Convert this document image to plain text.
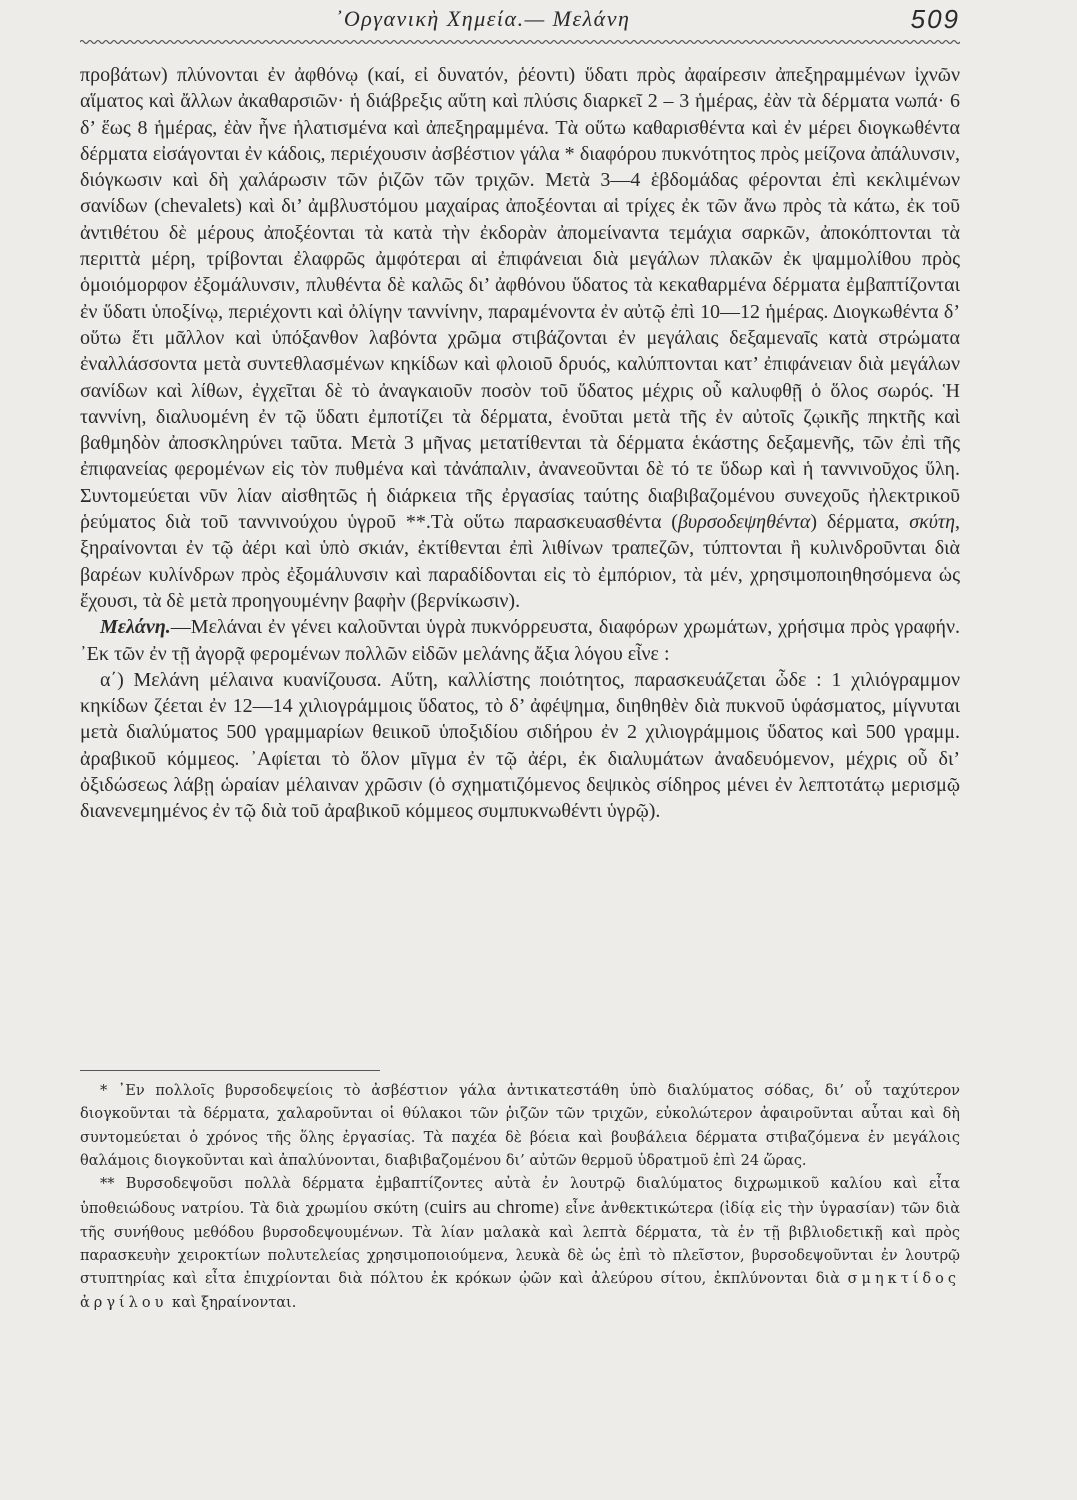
᾿Οργανικὴ Χημεία.— Μελάνη	509

προβάτων) πλύνονται ἐν ἀφθόνῳ (καί, εἰ δυνατόν, ῥέοντι) ὕδατι πρὸς ἀφαίρεσιν ἀπεξηραμμένων ἰχνῶν αἵματος καὶ ἄλλων ἀκαθαρσιῶν· ἡ διάβρεξις αὕτη καὶ πλύσις διαρκεῖ 2 – 3 ἡμέρας, ἐὰν τὰ δέρματα νωπά· 6 δ’ ἕως 8 ἡμέρας, ἐὰν ἦνε ἡλατισμένα καὶ ἀπεξηραμμένα. Τὰ οὕτω καθαρισθέντα καὶ ἐν μέρει διογκωθέντα δέρματα εἰσάγονται ἐν κάδοις, περιέχουσιν ἀσβέστιον γάλα * διαφόρου πυκνότητος πρὸς μείζονα ἀπάλυνσιν, διόγκωσιν καὶ δὴ χαλάρωσιν τῶν ῥιζῶν τῶν τριχῶν. Μετὰ 3—4 ἑβδομάδας φέρονται ἐπὶ κεκλιμένων σανίδων (chevalets) καὶ δι’ ἀμβλυστόμου μαχαίρας ἀποξέονται αἱ τρίχες ἐκ τῶν ἄνω πρὸς τὰ κάτω, ἐκ τοῦ ἀντιθέτου δὲ μέρους ἀποξέονται τὰ κατὰ τὴν ἐκδορὰν ἀπομείναντα τεμάχια σαρκῶν, ἀποκόπτονται τὰ περιττὰ μέρη, τρίβονται ἐλαφρῶς ἀμφότεραι αἱ ἐπιφάνειαι διὰ μεγάλων πλακῶν ἐκ ψαμμολίθου πρὸς ὁμοιόμορφον ἐξομάλυνσιν, πλυθέντα δὲ καλῶς δι’ ἀφθόνου ὕδατος τὰ κεκαθαρμένα δέρματα ἐμβαπτίζονται ἐν ὕδατι ὑποξίνῳ, περιέχοντι καὶ ὀλίγην ταννίνην, παραμένοντα ἐν αὐτῷ ἐπὶ 10—12 ἡμέρας. Διογκωθέντα δ’ οὕτω ἔτι μᾶλλον καὶ ὑπόξανθον λαβόντα χρῶμα στιβάζονται ἐν μεγάλαις δεξαμεναῖς κατὰ στρώματα ἐναλλάσσοντα μετὰ συντεθλασμένων κηκίδων καὶ φλοιοῦ δρυός, καλύπτονται κατ’ ἐπιφάνειαν διὰ μεγάλων σανίδων καὶ λίθων, ἐγχεῖται δὲ τὸ ἀναγκαιοῦν ποσὸν τοῦ ὕδατος μέχρις οὗ καλυφθῇ ὁ ὅλος σωρός. Ἡ ταννίνη, διαλυομένη ἐν τῷ ὕδατι ἐμποτίζει τὰ δέρματα, ἑνοῦται μετὰ τῆς ἐν αὐτοῖς ζῳικῆς πηκτῆς καὶ βαθμηδὸν ἀποσκληρύνει ταῦτα. Μετὰ 3 μῆνας μετατίθενται τὰ δέρματα ἑκάστης δεξαμενῆς, τῶν ἐπὶ τῆς ἐπιφανείας φερομένων εἰς τὸν πυθμένα καὶ τἀνάπαλιν, ἀνανεοῦνται δὲ τό τε ὕδωρ καὶ ἡ ταννινοῦχος ὕλη. Συντομεύεται νῦν λίαν αἰσθητῶς ἡ διάρκεια τῆς ἐργασίας ταύτης διαβιβαζομένου συνεχοῦς ἠλεκτρικοῦ ῥεύματος διὰ τοῦ ταννινούχου ὑγροῦ **.Τὰ οὕτω παρασκευασθέντα (βυρσοδεψηθέντα) δέρματα, σκύτη, ξηραίνονται ἐν τῷ ἀέρι καὶ ὑπὸ σκιάν, ἐκτίθενται ἐπὶ λιθίνων τραπεζῶν, τύπτονται ἢ κυλινδροῦνται διὰ βαρέων κυλίνδρων πρὸς ἐξομάλυνσιν καὶ παραδίδονται εἰς τὸ ἐμπόριον, τὰ μέν, χρησιμοποιηθησόμενα ὡς ἔχουσι, τὰ δὲ μετὰ προηγουμένην βαφὴν (βερνίκωσιν).

Μελάνη.—Μελάναι ἐν γένει καλοῦνται ὑγρὰ πυκνόρρευστα, διαφόρων χρωμάτων, χρήσιμα πρὸς γραφήν. ᾿Εκ τῶν ἐν τῇ ἀγορᾷ φερομένων πολλῶν εἰδῶν μελάνης ἄξια λόγου εἶνε :

α΄) Μελάνη μέλαινα κυανίζουσα. Αὕτη, καλλίστης ποιότητος, παρασκευάζεται ὧδε : 1 χιλιόγραμμον κηκίδων ζέεται ἐν 12—14 χιλιογράμμοις ὕδατος, τὸ δ’ ἀφέψημα, διηθηθὲν διὰ πυκνοῦ ὑφάσματος, μίγνυται μετὰ διαλύματος 500 γραμμαρίων θειικοῦ ὑποξιδίου σιδήρου ἐν 2 χιλιογράμμοις ὕδατος καὶ 500 γραμμ. ἀραβικοῦ κόμμεος. ᾿Αφίεται τὸ ὅλον μῖγμα ἐν τῷ ἀέρι, ἐκ διαλυμάτων ἀναδευόμενον, μέχρις οὗ δι’ ὀξιδώσεως λάβῃ ὡραίαν μέλαιναν χρῶσιν (ὁ σχηματιζόμενος δεψικὸς σίδηρος μένει ἐν λεπτοτάτῳ μερισμῷ διανενεμημένος ἐν τῷ διὰ τοῦ ἀραβικοῦ κόμμεος συμπυκνωθέντι ὑγρῷ).

* ᾿Εν πολλοῖς βυρσοδεψείοις τὸ ἀσβέστιον γάλα ἀντικατεστάθη ὑπὸ διαλύματος σόδας, δι’ οὗ ταχύτερον διογκοῦνται τὰ δέρματα, χαλαροῦνται οἱ θύλακοι τῶν ῥιζῶν τῶν τριχῶν, εὐκολώτερον ἀφαιροῦνται αὗται καὶ δὴ συντομεύεται ὁ χρόνος τῆς ὅλης ἐργασίας. Τὰ παχέα δὲ βόεια καὶ βουβάλεια δέρματα στιβαζόμενα ἐν μεγάλοις θαλάμοις διογκοῦνται καὶ ἀπαλύνονται, διαβιβαζομένου δι’ αὐτῶν θερμοῦ ὑδρατμοῦ ἐπὶ 24 ὥρας.

** Βυρσοδεψοῦσι πολλὰ δέρματα ἐμβαπτίζοντες αὐτὰ ἐν λουτρῷ διαλύματος διχρωμικοῦ καλίου καὶ εἶτα ὑποθειώδους νατρίου. Τὰ διὰ χρωμίου σκύτη (cuirs au chrome) εἶνε ἀνθεκτικώτερα (ἰδίᾳ εἰς τὴν ὑγρασίαν) τῶν διὰ τῆς συνήθους μεθόδου βυρσοδεψουμένων. Τὰ λίαν μαλακὰ καὶ λεπτὰ δέρματα, τὰ ἐν τῇ βιβλιοδετικῇ καὶ πρὸς παρασκευὴν χειροκτίων πολυτελείας χρησιμοποιούμενα, λευκὰ δὲ ὡς ἐπὶ τὸ πλεῖστον, βυρσοδεψοῦνται ἐν λουτρῷ στυπτηρίας καὶ εἶτα ἐπιχρίονται διὰ πόλτου ἐκ κρόκων ᾠῶν καὶ ἀλεύρου σίτου, ἐκπλύνονται διὰ σμηκτίδος ἀργίλου καὶ ξηραίνονται.
